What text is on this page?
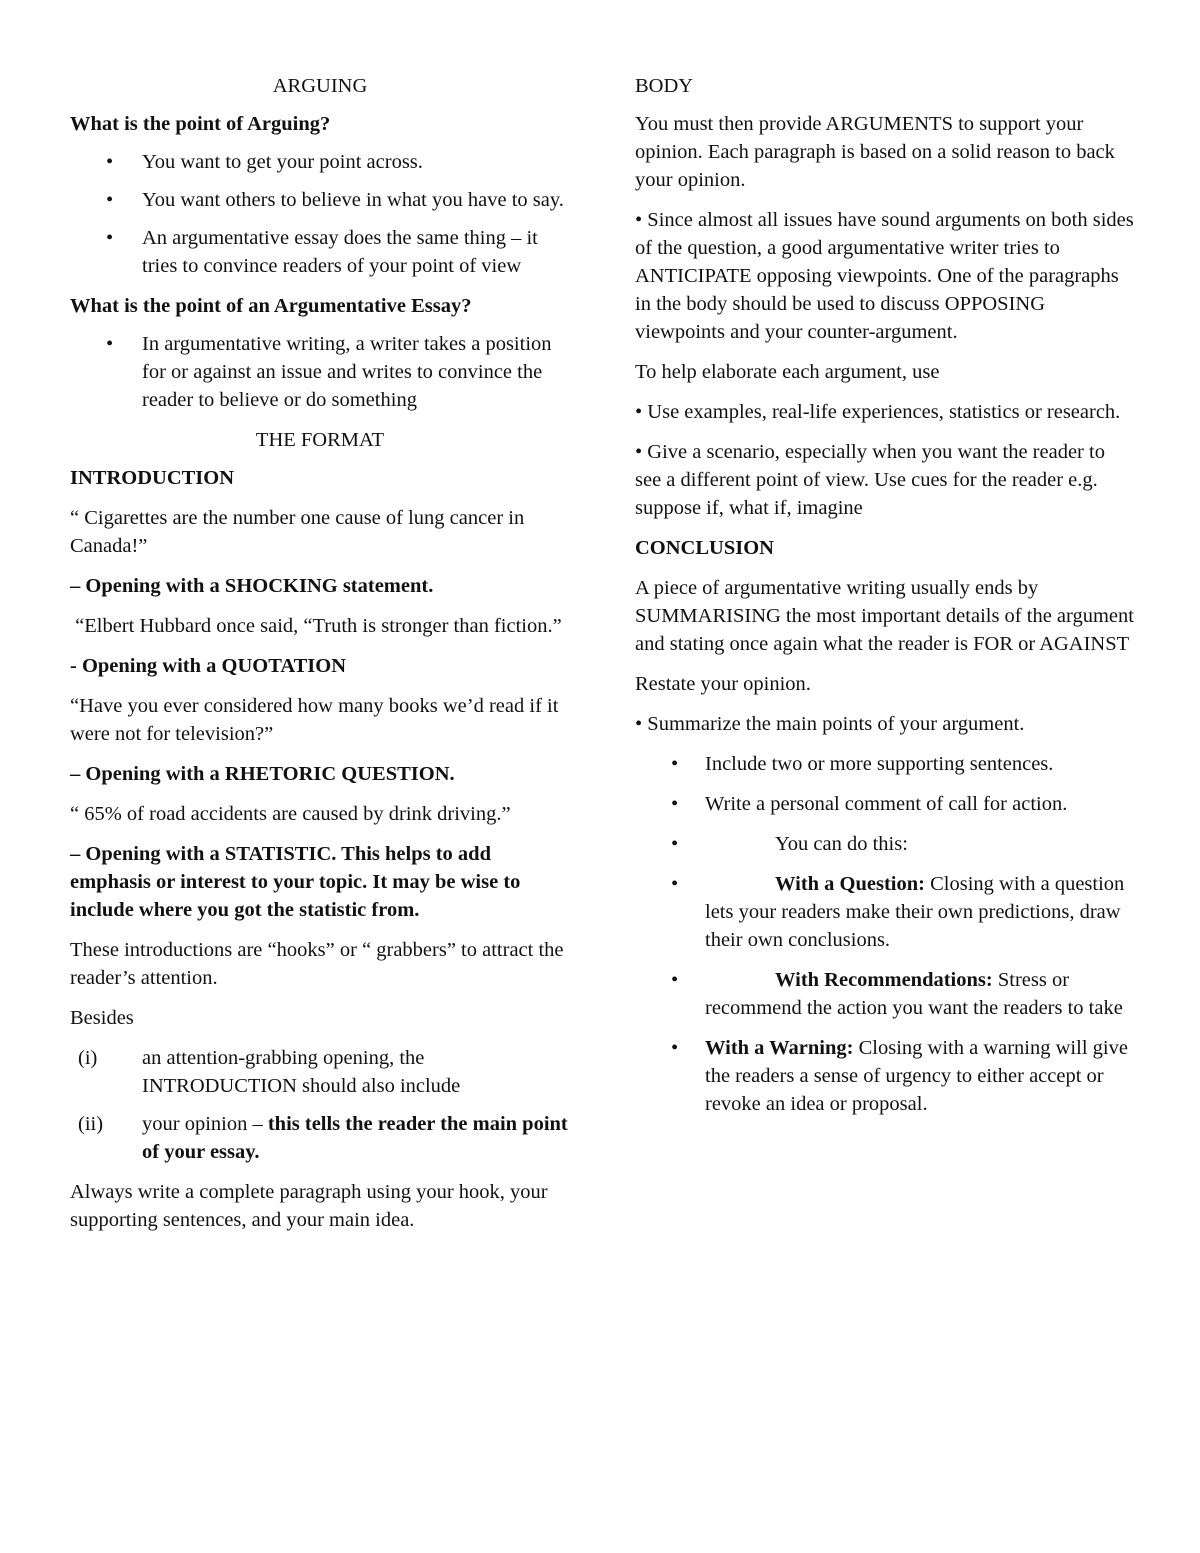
ARGUING

What is the point of Arguing?

• You want to get your point across.
• You want others to believe in what you have to say.
• An argumentative essay does the same thing – it tries to convince readers of your point of view

What is the point of an Argumentative Essay?

• In argumentative writing, a writer takes a position for or against an issue and writes to convince the reader to believe or do something

THE FORMAT

INTRODUCTION

“ Cigarettes are the number one cause of lung cancer in Canada!”

– Opening with a SHOCKING statement.

“Elbert Hubbard once said, “Truth is stronger than fiction.”

- Opening with a QUOTATION

“Have you ever considered how many books we’d read if it were not for television?”

– Opening with a RHETORIC QUESTION.

“ 65% of road accidents are caused by drink driving.”

– Opening with a STATISTIC. This helps to add emphasis or interest to your topic. It may be wise to include where you got the statistic from.

These introductions are “hooks” or “ grabbers” to attract the reader’s attention.

Besides

(i) an attention-grabbing opening, the INTRODUCTION should also include
(ii) your opinion – this tells the reader the main point of your essay.

Always write a complete paragraph using your hook, your supporting sentences, and your main idea.

BODY

You must then provide ARGUMENTS to support your opinion. Each paragraph is based on a solid reason to back your opinion.

• Since almost all issues have sound arguments on both sides of the question, a good argumentative writer tries to ANTICIPATE opposing viewpoints. One of the paragraphs in the body should be used to discuss OPPOSING viewpoints and your counter-argument.

To help elaborate each argument, use

• Use examples, real-life experiences, statistics or research.

• Give a scenario, especially when you want the reader to see a different point of view. Use cues for the reader e.g. suppose if, what if, imagine

CONCLUSION

A piece of argumentative writing usually ends by SUMMARISING the most important details of the argument and stating once again what the reader is FOR or AGAINST

Restate your opinion.

• Summarize the main points of your argument.

• Include two or more supporting sentences.
• Write a personal comment of call for action.
•	You can do this:
•	With a Question: Closing with a question lets your readers make their own predictions, draw their own conclusions.
•	With Recommendations: Stress or recommend the action you want the readers to take
• With a Warning: Closing with a warning will give the readers a sense of urgency to either accept or revoke an idea or proposal.
